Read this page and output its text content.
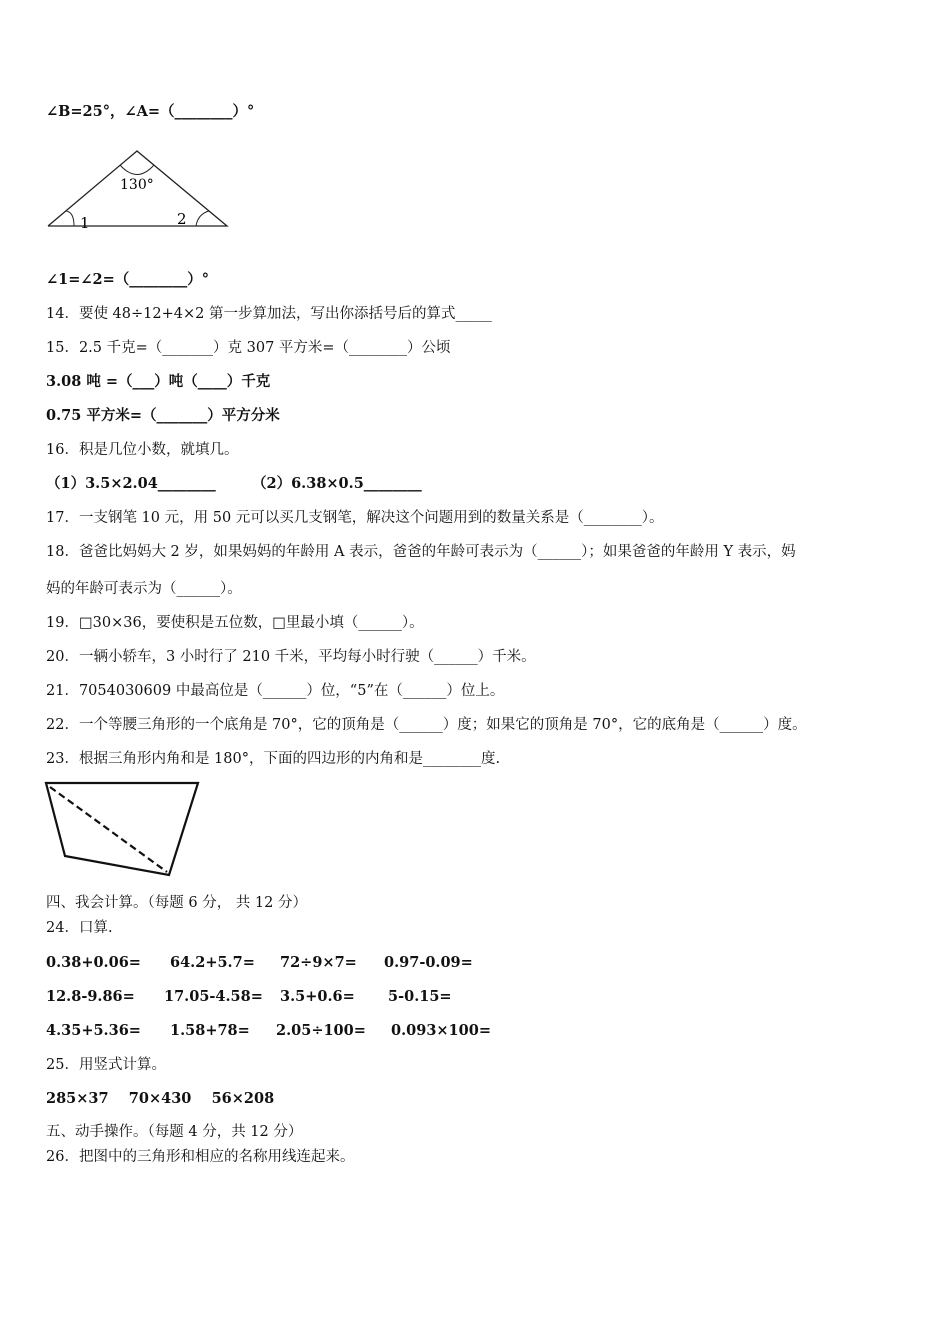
∠B=25°，∠A=（________）°
130°
1	2
∠1=∠2=（________）°
14．要使 48÷12+4×2 第一步算加法，写出你添括号后的算式_____
15．2.5 千克=（_______）克 307 平方米=（________）公顷
3.08 吨 =（___）吨（____）千克
0.75 平方米=（_______）平方分米
16．积是几位小数，就填几。
（1）3.5×2.04________ （2）6.38×0.5________
17．一支钢笔 10 元，用 50 元可以买几支钢笔，解决这个问题用到的数量关系是（________）。
18．爸爸比妈妈大 2 岁，如果妈妈的年龄用 A 表示，爸爸的年龄可表示为（______）；如果爸爸的年龄用 Y 表示，妈
妈的年龄可表示为（______）。
19．□30×36，要使积是五位数，□里最小填（______）。
20．一辆小轿车，3 小时行了 210 千米，平均每小时行驶（______）千米。
21．7054030609 中最高位是（______）位，“5”在（______）位上。
22．一个等腰三角形的一个底角是 70°，它的顶角是（______）度；如果它的顶角是 70°，它的底角是（______）度。
23．根据三角形内角和是 180°，下面的四边形的内角和是________度.
四、我会计算。（每题 6 分， 共 12 分）
24．口算.
0.38+0.06= 64.2+5.7= 72÷9×7= 0.97-0.09=
12.8-9.86= 17.05-4.58= 3.5+0.6= 5-0.15=
4.35+5.36= 1.58+78= 2.05÷100= 0.093×100=
25．用竖式计算。
285×37    70×430    56×208
五、动手操作。（每题 4 分，共 12 分）
26．把图中的三角形和相应的名称用线连起来。
